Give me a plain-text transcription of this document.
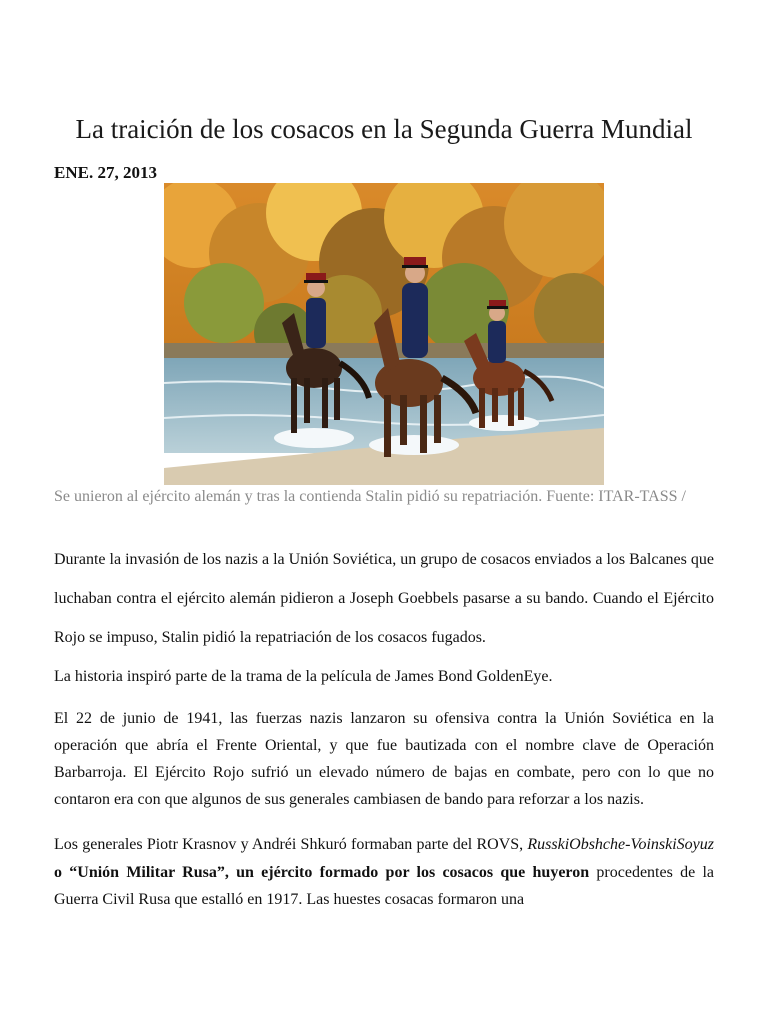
La traición de los cosacos en la Segunda Guerra Mundial
ENE. 27, 2013
Se unieron al ejército alemán y tras la contienda Stalin pidió su repatriación. Fuente: ITAR-TASS /

Durante la invasión de los nazis a la Unión Soviética, un grupo de cosacos enviados a los Balcanes que luchaban contra el ejército alemán pidieron a Joseph Goebbels pasarse a su bando. Cuando el Ejército Rojo se impuso, Stalin pidió la repatriación de los cosacos fugados.
La historia inspiró parte de la trama de la película de James Bond GoldenEye.

El 22 de junio de 1941, las fuerzas nazis lanzaron su ofensiva contra la Unión Soviética en la operación que abría el Frente Oriental, y que fue bautizada con el nombre clave de Operación Barbarroja. El Ejército Rojo sufrió un elevado número de bajas en combate, pero con lo que no contaron era con que algunos de sus generales cambiasen de bando para reforzar a los nazis.

Los generales Piotr Krasnov y Andréi Shkuró formaban parte del ROVS, RusskiObshche-VoinskiSoyuz o “Unión Militar Rusa”, un ejército formado por los cosacos que huyeron procedentes de la Guerra Civil Rusa que estalló en 1917. Las huestes cosacas formaron una
